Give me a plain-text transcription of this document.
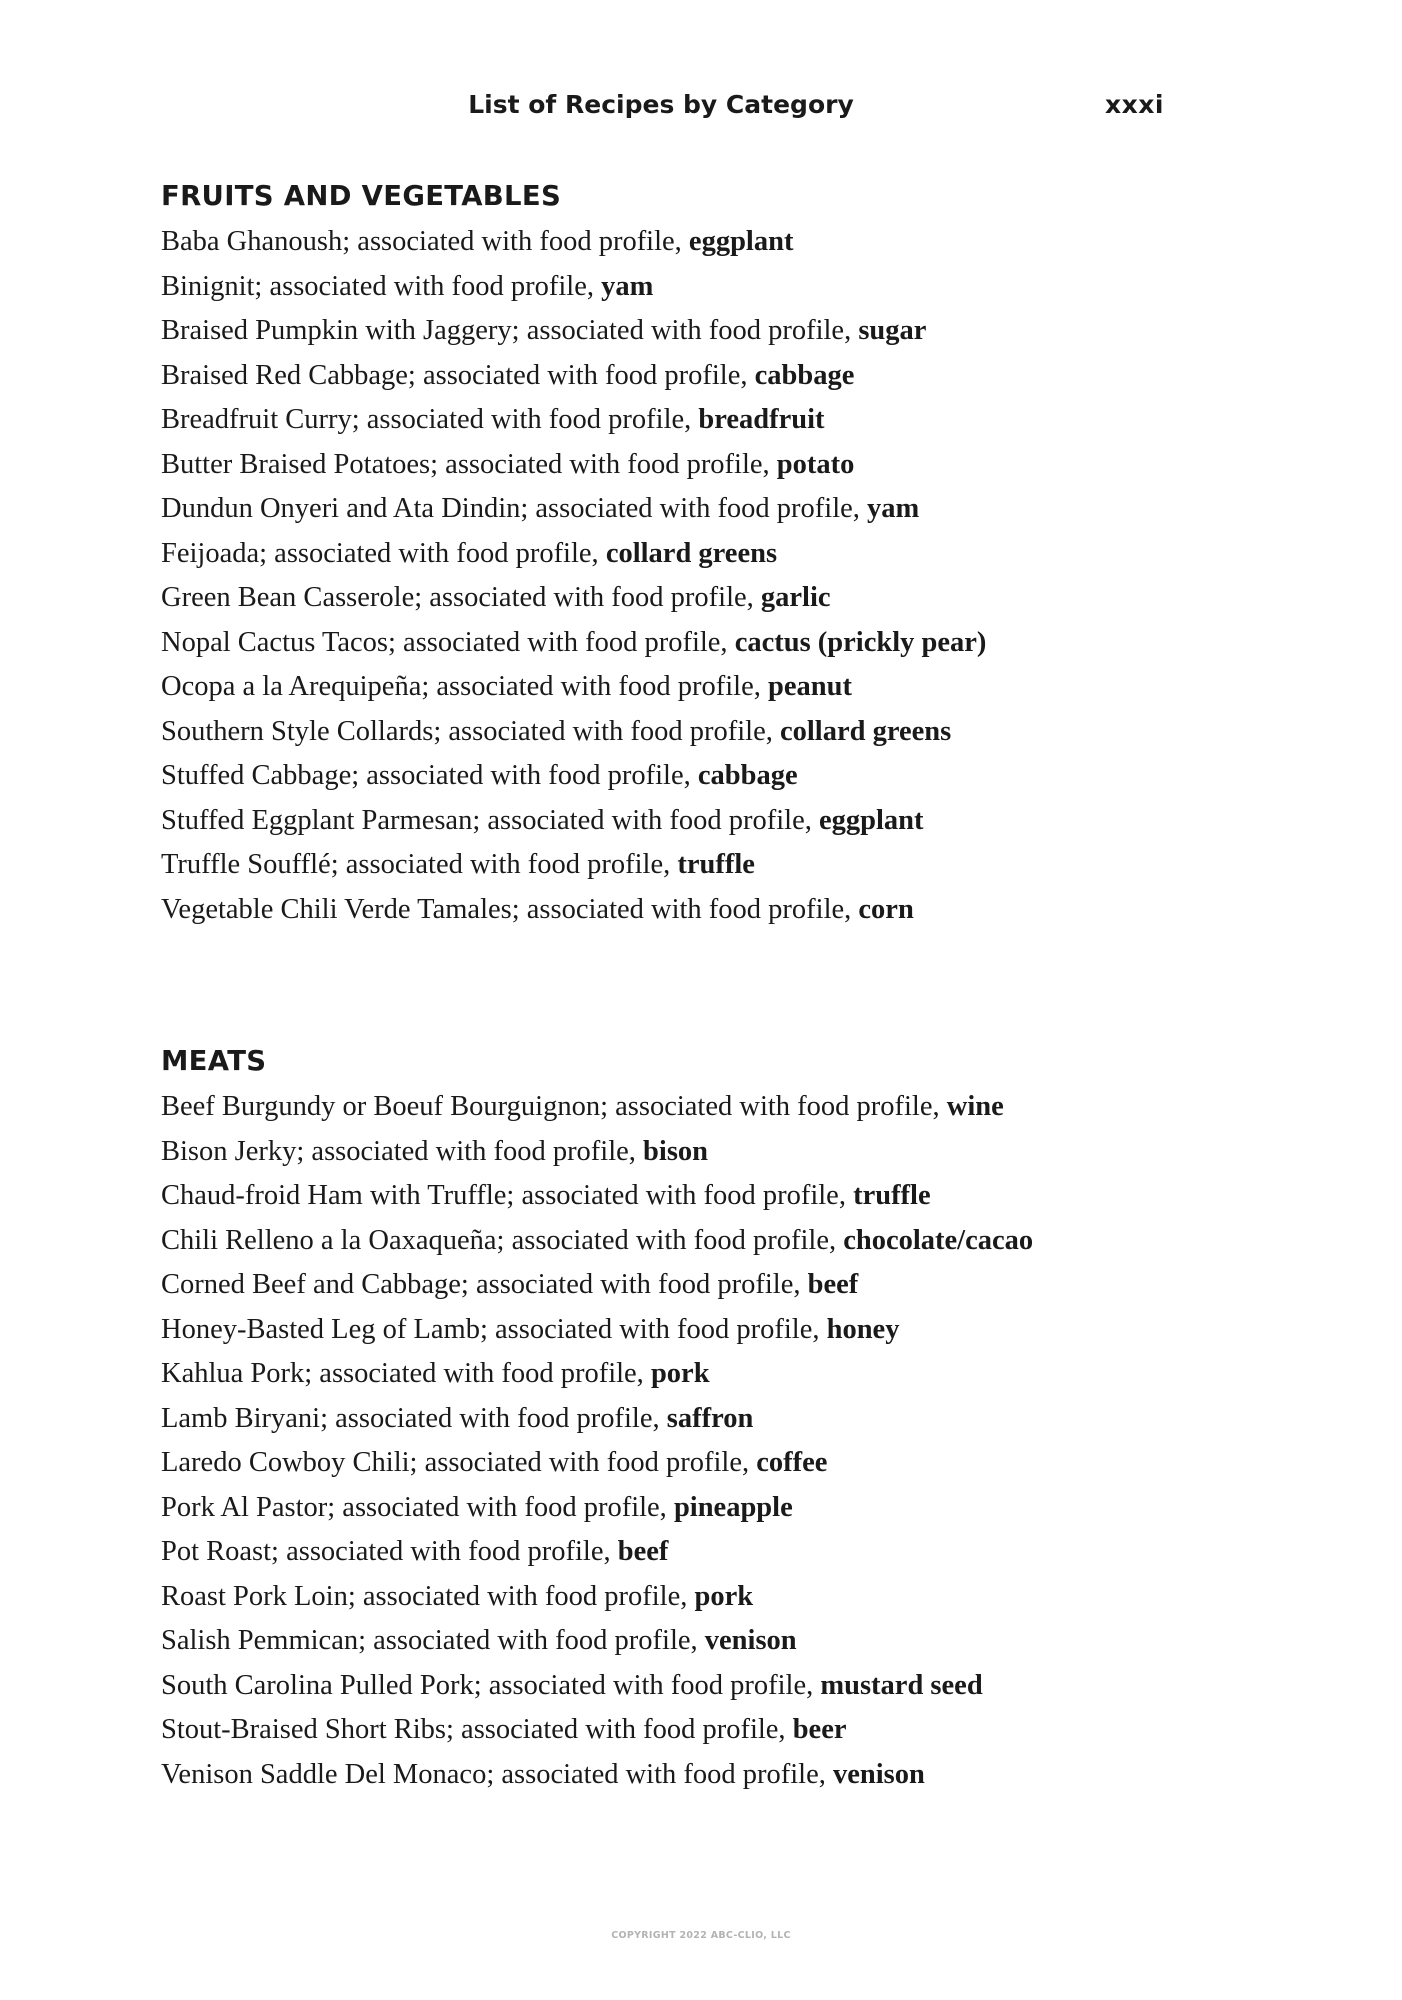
List of Recipes by Category	xxxi
FRUITS AND VEGETABLES
Baba Ghanoush; associated with food profile, eggplant
Binignit; associated with food profile, yam
Braised Pumpkin with Jaggery; associated with food profile, sugar
Braised Red Cabbage; associated with food profile, cabbage
Breadfruit Curry; associated with food profile, breadfruit
Butter Braised Potatoes; associated with food profile, potato
Dundun Onyeri and Ata Dindin; associated with food profile, yam
Feijoada; associated with food profile, collard greens
Green Bean Casserole; associated with food profile, garlic
Nopal Cactus Tacos; associated with food profile, cactus (prickly pear)
Ocopa a la Arequipeña; associated with food profile, peanut
Southern Style Collards; associated with food profile, collard greens
Stuffed Cabbage; associated with food profile, cabbage
Stuffed Eggplant Parmesan; associated with food profile, eggplant
Truffle Soufflé; associated with food profile, truffle
Vegetable Chili Verde Tamales; associated with food profile, corn
MEATS
Beef Burgundy or Boeuf Bourguignon; associated with food profile, wine
Bison Jerky; associated with food profile, bison
Chaud-froid Ham with Truffle; associated with food profile, truffle
Chili Relleno a la Oaxaqueña; associated with food profile, chocolate/cacao
Corned Beef and Cabbage; associated with food profile, beef
Honey-Basted Leg of Lamb; associated with food profile, honey
Kahlua Pork; associated with food profile, pork
Lamb Biryani; associated with food profile, saffron
Laredo Cowboy Chili; associated with food profile, coffee
Pork Al Pastor; associated with food profile, pineapple
Pot Roast; associated with food profile, beef
Roast Pork Loin; associated with food profile, pork
Salish Pemmican; associated with food profile, venison
South Carolina Pulled Pork; associated with food profile, mustard seed
Stout-Braised Short Ribs; associated with food profile, beer
Venison Saddle Del Monaco; associated with food profile, venison
COPYRIGHT 2022 ABC-CLIO, LLC
